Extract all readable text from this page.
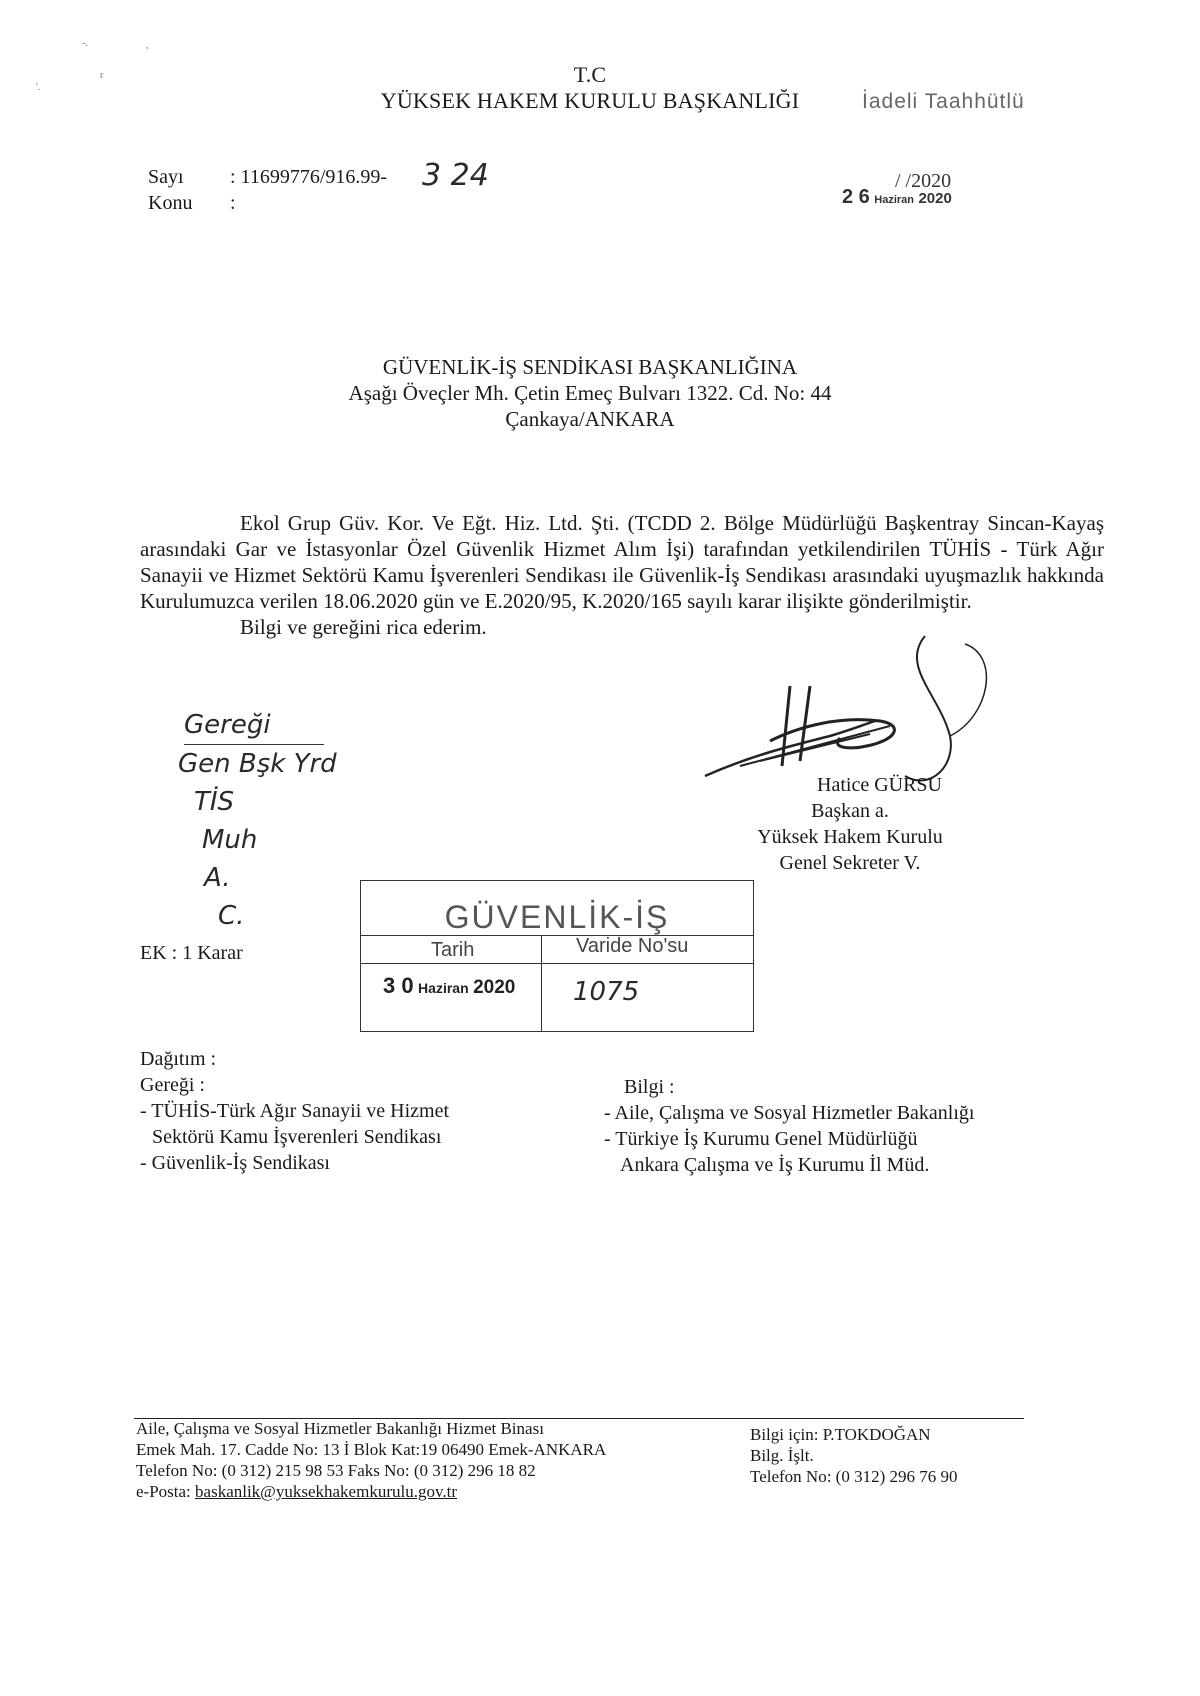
-.	,
r
'.
T.C
YÜKSEK HAKEM KURULU BAŞKANLIĞI	İadeli Taahhütlü
Sayı : 11699776/916.99- 3 24
Konu :
/ /2020
2 6 Haziran 2020
GÜVENLİK-İŞ SENDİKASI BAŞKANLIĞINA
Aşağı Öveçler Mh. Çetin Emeç Bulvarı 1322. Cd. No: 44
Çankaya/ANKARA

Ekol Grup Güv. Kor. Ve Eğt. Hiz. Ltd. Şti. (TCDD 2. Bölge Müdürlüğü Başkentray Sincan-Kayaş arasındaki Gar ve İstasyonlar Özel Güvenlik Hizmet Alım İşi) tarafından yetkilendirilen TÜHİS - Türk Ağır Sanayii ve Hizmet Sektörü Kamu İşverenleri Sendikası ile Güvenlik-İş Sendikası arasındaki uyuşmazlık hakkında Kurulumuzca verilen 18.06.2020 gün ve E.2020/95, K.2020/165 sayılı karar ilişikte gönderilmiştir.

Bilgi ve gereğini rica ederim.

Gereği
Gen Bşk Yrd
TİS
Muh
A.
C.
Hatice GÜRSU
Başkan a.
Yüksek Hakem Kurulu
Genel Sekreter V.
GÜVENLİK-İŞ
Tarih	Varide No'su
3 0 Haziran 2020 1075
EK : 1 Karar
Dağıtım :
Gereği :
- TÜHİS-Türk Ağır Sanayii ve Hizmet
Sektörü Kamu İşverenleri Sendikası
- Güvenlik-İş Sendikası
Bilgi :
- Aile, Çalışma ve Sosyal Hizmetler Bakanlığı
- Türkiye İş Kurumu Genel Müdürlüğü
Ankara Çalışma ve İş Kurumu İl Müd.
Aile, Çalışma ve Sosyal Hizmetler Bakanlığı Hizmet Binası
Emek Mah. 17. Cadde No: 13 İ Blok Kat:19 06490 Emek-ANKARA
Telefon No: (0 312) 215 98 53 Faks No: (0 312) 296 18 82
e-Posta: baskanlik@yuksekhakemkurulu.gov.tr
Bilgi için: P.TOKDOĞAN
Bilg. İşlt.
Telefon No: (0 312) 296 76 90
